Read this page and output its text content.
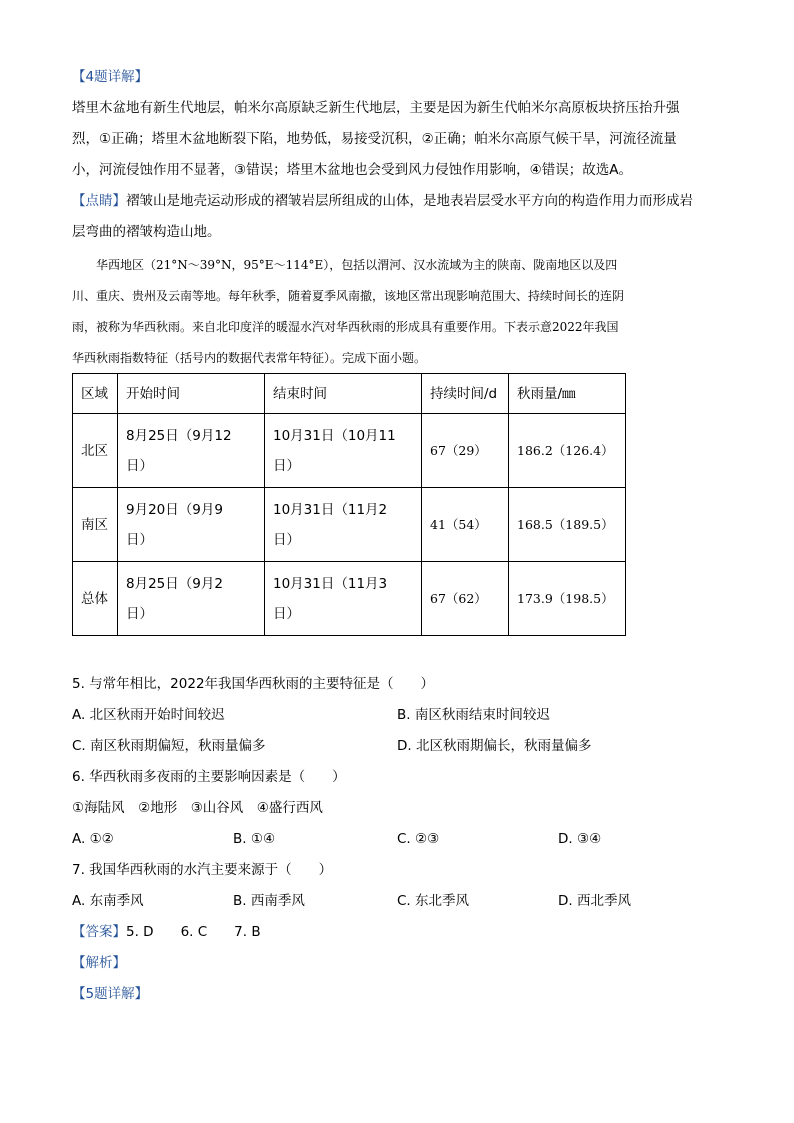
【4题详解】

塔里木盆地有新生代地层，帕米尔高原缺乏新生代地层，主要是因为新生代帕米尔高原板块挤压抬升强

烈，①正确；塔里木盆地断裂下陷，地势低，易接受沉积，②正确；帕米尔高原气候干旱，河流径流量

小，河流侵蚀作用不显著，③错误；塔里木盆地也会受到风力侵蚀作用影响，④错误；故选A。

【点睛】褶皱山是地壳运动形成的褶皱岩层所组成的山体，是地表岩层受水平方向的构造作用力而形成岩

层弯曲的褶皱构造山地。

华西地区（21°N～39°N，95°E～114°E），包括以渭河、汉水流域为主的陕南、陇南地区以及四

川、重庆、贵州及云南等地。每年秋季，随着夏季风南撤，该地区常出现影响范围大、持续时间长的连阴

雨，被称为华西秋雨。来自北印度洋的暖湿水汽对华西秋雨的形成具有重要作用。下表示意2022年我国

华西秋雨指数特征（括号内的数据代表常年特征）。完成下面小题。

区域	开始时间	结束时间	持续时间/d	秋雨量/㎜
北区	8月25日（9月12
日）	10月31日（10月11
日）	67（29）	186.2（126.4）
南区	9月20日（9月9
日）	10月31日（11月2
日）	41（54）	168.5（189.5）
总体	8月25日（9月2
日）	10月31日（11月3
日）	67（62）	173.9（198.5）
5. 与常年相比，2022年我国华西秋雨的主要特征是（　　）
A. 北区秋雨开始时间较迟	B. 南区秋雨结束时间较迟
C. 南区秋雨期偏短，秋雨量偏多	D. 北区秋雨期偏长，秋雨量偏多
6. 华西秋雨多夜雨的主要影响因素是（　　）
①海陆风　②地形　③山谷风　④盛行西风
A. ①②	B. ①④	C. ②③	D. ③④
7. 我国华西秋雨的水汽主要来源于（　　）
A. 东南季风	B. 西南季风	C. 东北季风	D. 西北季风
【答案】5. D　　6. C　　7. B
【解析】
【5题详解】
